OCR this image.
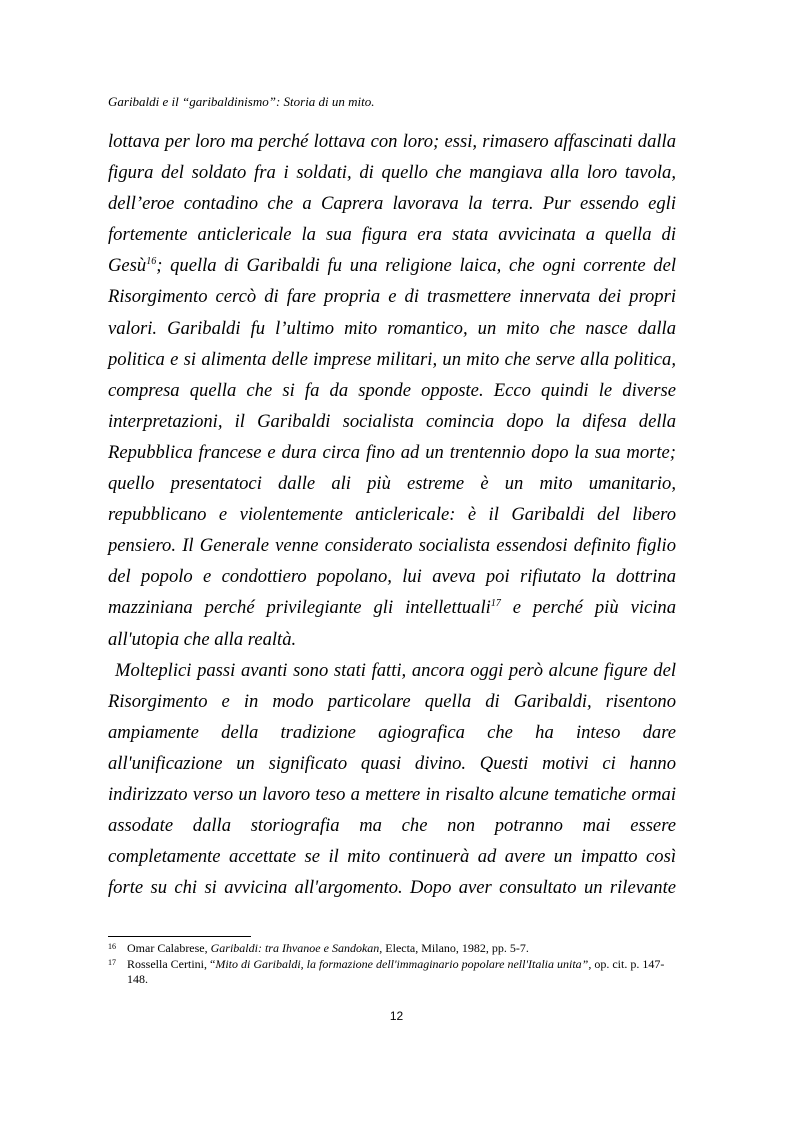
Garibaldi e il “garibaldinismo”: Storia di un mito.
lottava per loro ma perché lottava con loro; essi, rimasero affascinati dalla
figura del soldato fra i soldati, di quello che mangiava alla loro tavola,
dell’eroe contadino che a Caprera lavorava la terra. Pur essendo egli
fortemente anticlericale la sua figura era stata avvicinata a quella di
Gesù$^{16}$; quella di Garibaldi fu una religione laica, che ogni corrente del
Risorgimento cercò di fare propria e di trasmettere innervata dei propri
valori. Garibaldi fu l’ultimo mito romantico, un mito che nasce dalla
politica e si alimenta delle imprese militari, un mito che serve alla politica,
compresa quella che si fa da sponde opposte. Ecco quindi le diverse
interpretazioni, il Garibaldi socialista comincia dopo la difesa della
Repubblica francese e dura circa fino ad un trentennio dopo la sua morte;
quello presentatoci dalle ali più estreme è un mito umanitario,
repubblicano e violentemente anticlericale: è il Garibaldi del libero
pensiero. Il Generale venne considerato socialista essendosi definito figlio
del popolo e condottiero popolano, lui aveva poi rifiutato la dottrina
mazziniana perché privilegiante gli intellettuali$^{17}$ e perché più vicina
all'utopia che alla realtà.
Molteplici passi avanti sono stati fatti, ancora oggi però alcune figure del
Risorgimento e in modo particolare quella di Garibaldi, risentono
ampiamente della tradizione agiografica che ha inteso dare
all'unificazione un significato quasi divino. Questi motivi ci hanno
indirizzato verso un lavoro teso a mettere in risalto alcune tematiche ormai
assodate dalla storiografia ma che non potranno mai essere
completamente accettate se il mito continuerà ad avere un impatto così
forte su chi si avvicina all'argomento. Dopo aver consultato un rilevante
16 Omar Calabrese, Garibaldi: tra Ihvanoe e Sandokan, Electa, Milano, 1982, pp. 5-7.
17 Rossella Certini, “Mito di Garibaldi, la formazione dell'immaginario popolare nell'Italia unita”, op. cit. p. 147-148.
12
